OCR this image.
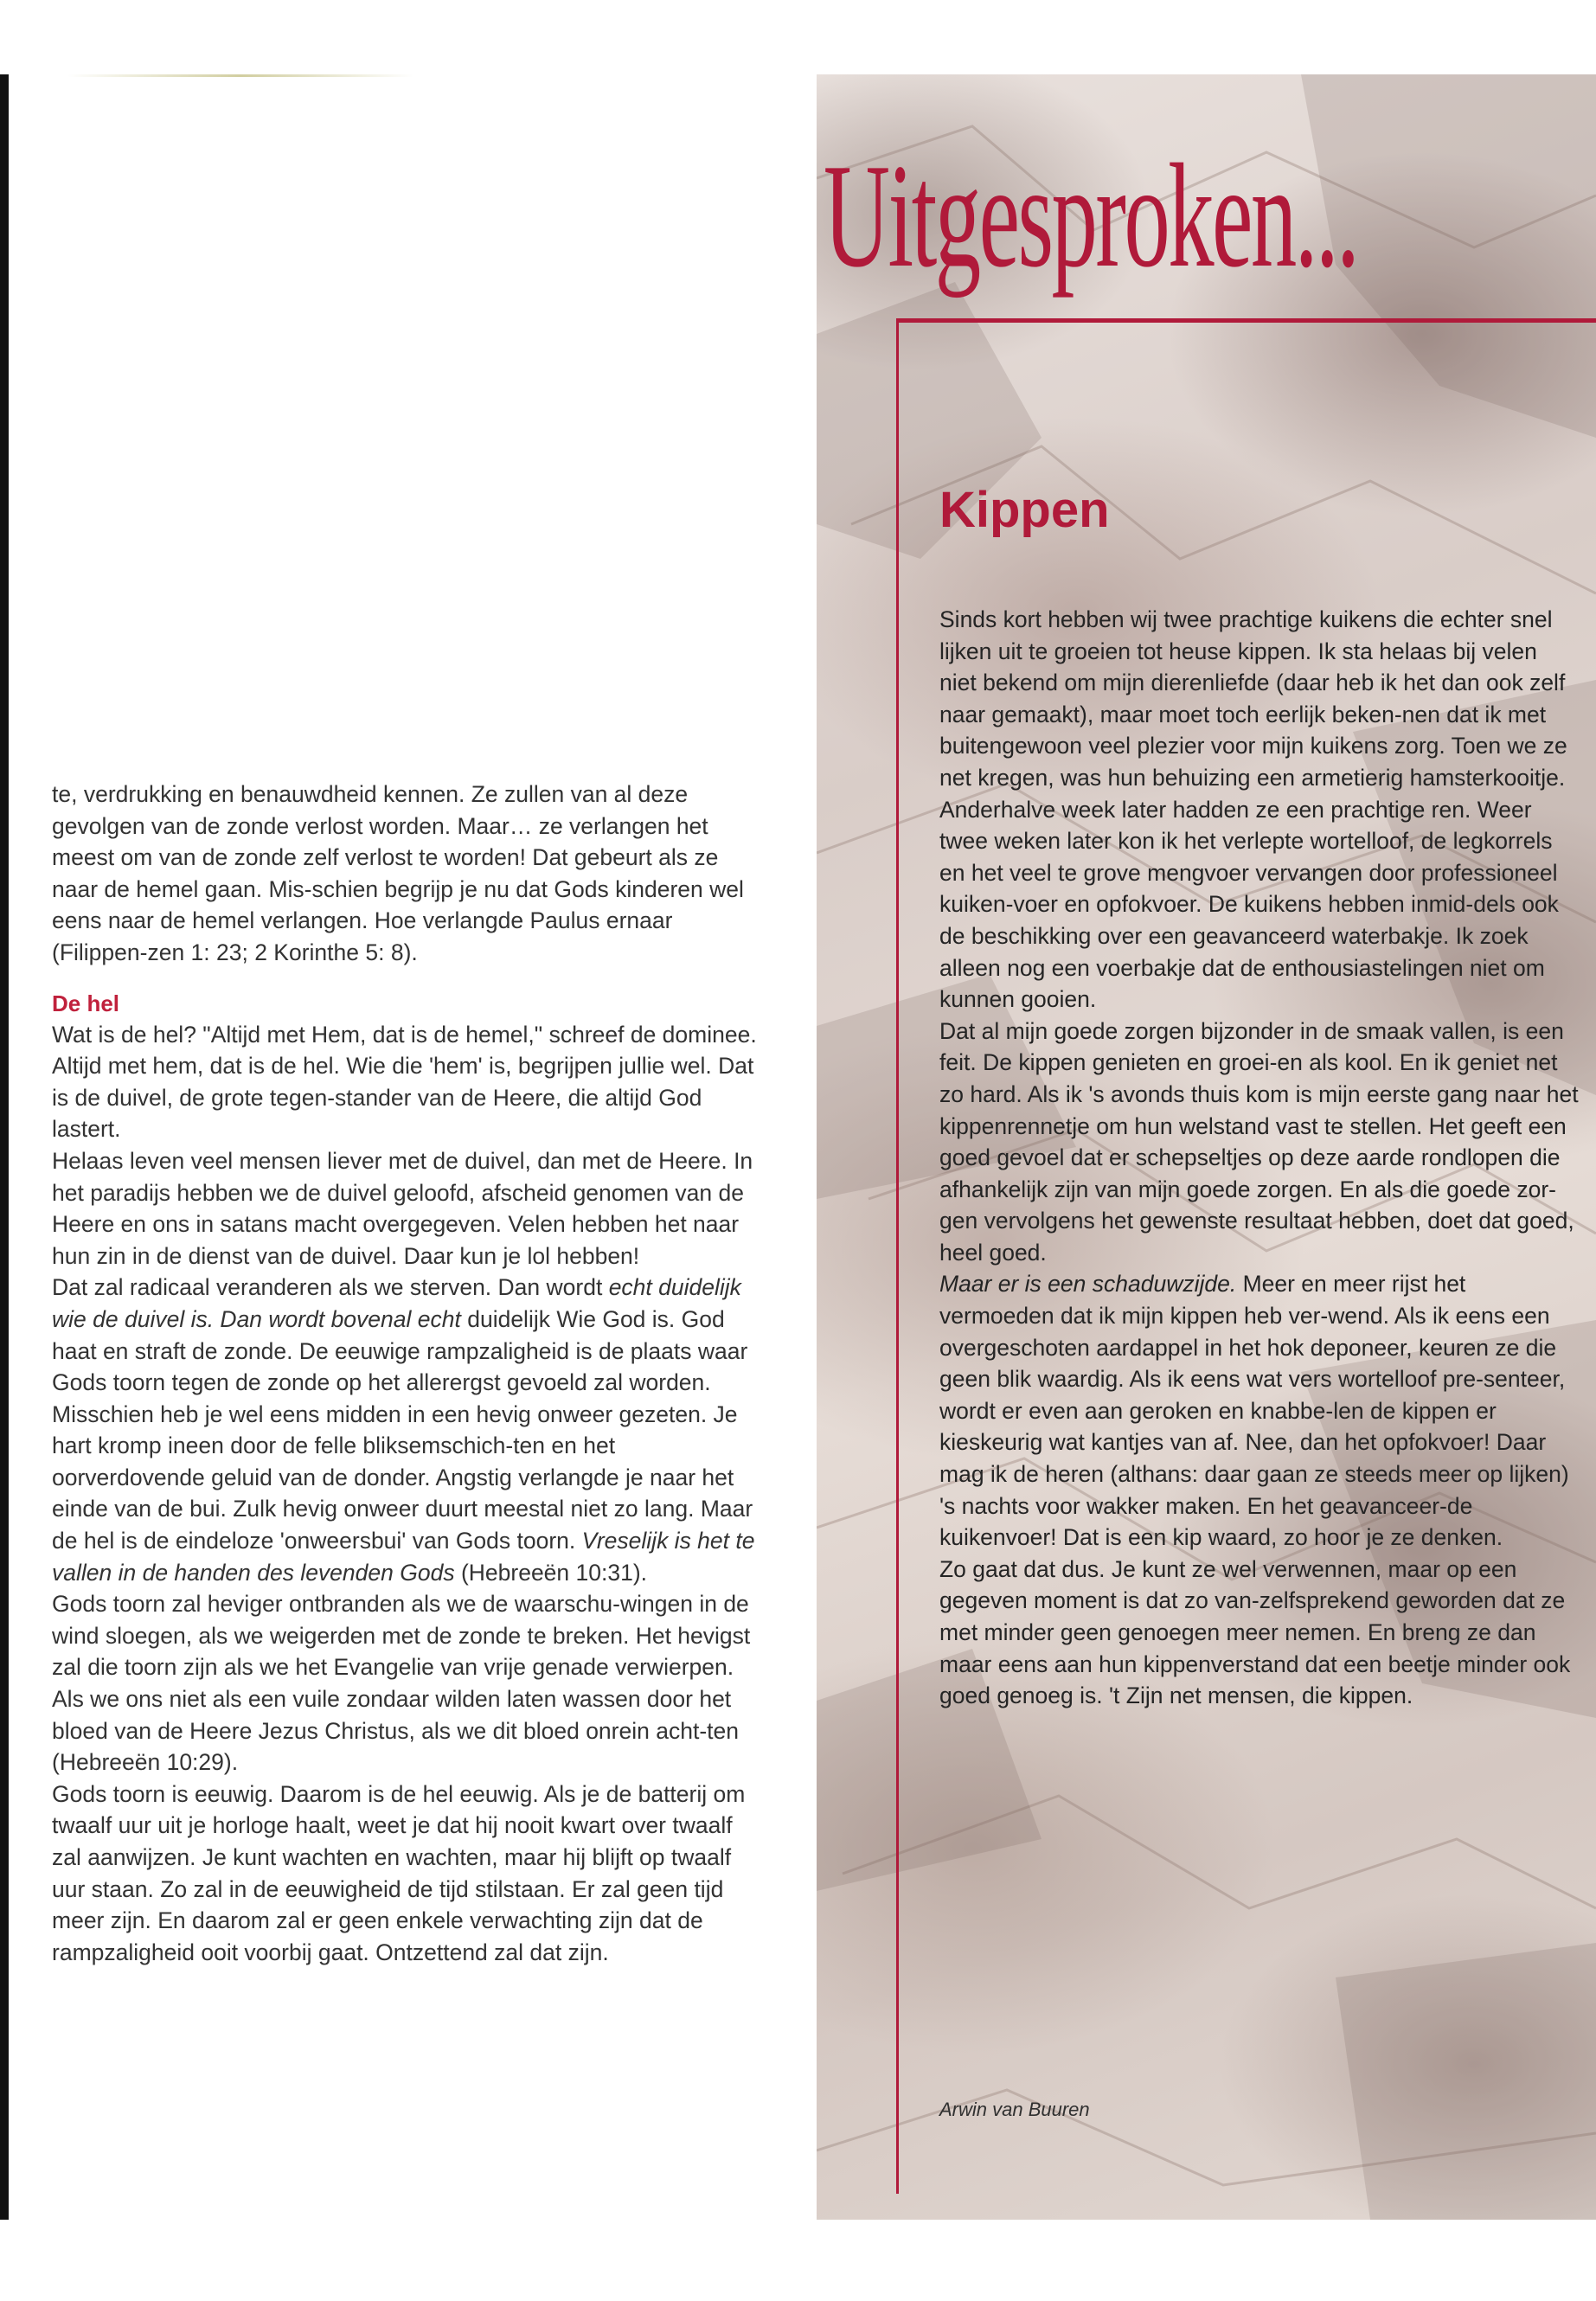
te, verdrukking en benauwdheid kennen. Ze zullen van al deze gevolgen van de zonde verlost worden. Maar… ze verlangen het meest om van de zonde zelf verlost te worden! Dat gebeurt als ze naar de hemel gaan. Mis-schien begrijp je nu dat Gods kinderen wel eens naar de hemel verlangen. Hoe verlangde Paulus ernaar (Filippen-zen 1: 23; 2 Korinthe 5: 8).

De hel

Wat is de hel? "Altijd met Hem, dat is de hemel," schreef de dominee. Altijd met hem, dat is de hel. Wie die 'hem' is, begrijpen jullie wel. Dat is de duivel, de grote tegen-stander van de Heere, die altijd God lastert.

Helaas leven veel mensen liever met de duivel, dan met de Heere. In het paradijs hebben we de duivel geloofd, afscheid genomen van de Heere en ons in satans macht overgegeven. Velen hebben het naar hun zin in de dienst van de duivel. Daar kun je lol hebben!

Dat zal radicaal veranderen als we sterven. Dan wordt echt duidelijk wie de duivel is. Dan wordt bovenal echt duidelijk Wie God is. God haat en straft de zonde. De eeuwige rampzaligheid is de plaats waar Gods toorn tegen de zonde op het allerergst gevoeld zal worden. Misschien heb je wel eens midden in een hevig onweer gezeten. Je hart kromp ineen door de felle bliksemschich-ten en het oorverdovende geluid van de donder. Angstig verlangde je naar het einde van de bui. Zulk hevig onweer duurt meestal niet zo lang. Maar de hel is de eindeloze 'onweersbui' van Gods toorn. Vreselijk is het te vallen in de handen des levenden Gods (Hebreeën 10:31).

Gods toorn zal heviger ontbranden als we de waarschu-wingen in de wind sloegen, als we weigerden met de zonde te breken. Het hevigst zal die toorn zijn als we het Evangelie van vrije genade verwierpen. Als we ons niet als een vuile zondaar wilden laten wassen door het bloed van de Heere Jezus Christus, als we dit bloed onrein acht-ten (Hebreeën 10:29).

Gods toorn is eeuwig. Daarom is de hel eeuwig. Als je de batterij om twaalf uur uit je horloge haalt, weet je dat hij nooit kwart over twaalf zal aanwijzen. Je kunt wachten en wachten, maar hij blijft op twaalf uur staan. Zo zal in de eeuwigheid de tijd stilstaan. Er zal geen tijd meer zijn. En daarom zal er geen enkele verwachting zijn dat de rampzaligheid ooit voorbij gaat. Ontzettend zal dat zijn.

Uitgesproken...
Kippen

Sinds kort hebben wij twee prachtige kuikens die echter snel lijken uit te groeien tot heuse kippen. Ik sta helaas bij velen niet bekend om mijn dierenliefde (daar heb ik het dan ook zelf naar gemaakt), maar moet toch eerlijk beken-nen dat ik met buitengewoon veel plezier voor mijn kuikens zorg. Toen we ze net kregen, was hun behuizing een armetierig hamsterkooitje. Anderhalve week later hadden ze een prachtige ren. Weer twee weken later kon ik het verlepte wortelloof, de legkorrels en het veel te grove mengvoer vervangen door professioneel kuiken-voer en opfokvoer. De kuikens hebben inmid-dels ook de beschikking over een geavanceerd waterbakje. Ik zoek alleen nog een voerbakje dat de enthousiastelingen niet om kunnen gooien.

Dat al mijn goede zorgen bijzonder in de smaak vallen, is een feit. De kippen genieten en groei-en als kool. En ik geniet net zo hard. Als ik 's avonds thuis kom is mijn eerste gang naar het kippenrennetje om hun welstand vast te stellen. Het geeft een goed gevoel dat er schepseltjes op deze aarde rondlopen die afhankelijk zijn van mijn goede zorgen. En als die goede zor-gen vervolgens het gewenste resultaat hebben, doet dat goed, heel goed.

Maar er is een schaduwzijde. Meer en meer rijst het vermoeden dat ik mijn kippen heb ver-wend. Als ik eens een overgeschoten aardappel in het hok deponeer, keuren ze die geen blik waardig. Als ik eens wat vers wortelloof pre-senteer, wordt er even aan geroken en knabbe-len de kippen er kieskeurig wat kantjes van af. Nee, dan het opfokvoer! Daar mag ik de heren (althans: daar gaan ze steeds meer op lijken) 's nachts voor wakker maken. En het geavanceer-de kuikenvoer! Dat is een kip waard, zo hoor je ze denken.

Zo gaat dat dus. Je kunt ze wel verwennen, maar op een gegeven moment is dat zo van-zelfsprekend geworden dat ze met minder geen genoegen meer nemen. En breng ze dan maar eens aan hun kippenverstand dat een beetje minder ook goed genoeg is. 't Zijn net mensen, die kippen.

Arwin van Buuren
